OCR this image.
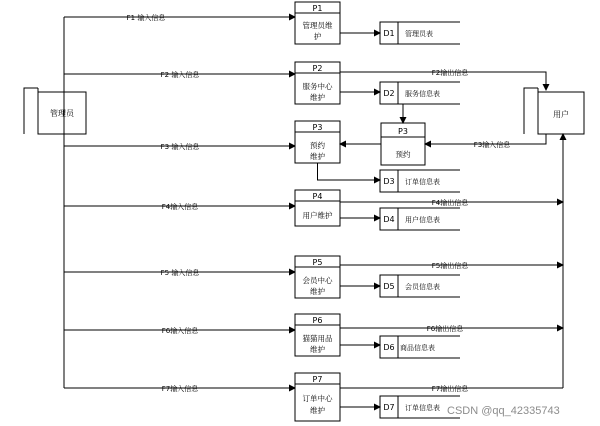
管理员	用户
F1 输入信息
F2 输入信息
F3 输入信息
F4输入信息
F5 输入信息
F6输入信息
F7输入信息
P1
管理员维
护
P2
服务中心
维护
P3
预约
维护
P3
预约
P4
用户维护
P5
会员中心
维护
P6
猫猫用品
维护
P7
订单中心
维护
D1 管理员表
D2 服务信息表
D3 订单信息表
D4 用户信息表
D5 会员信息表
D6 商品信息表
D7 订单信息表
F2输出信息
F3输入信息
F4输出信息
F5输出信息
F6输出信息
F7输出信息
CSDN @qq_42335743
